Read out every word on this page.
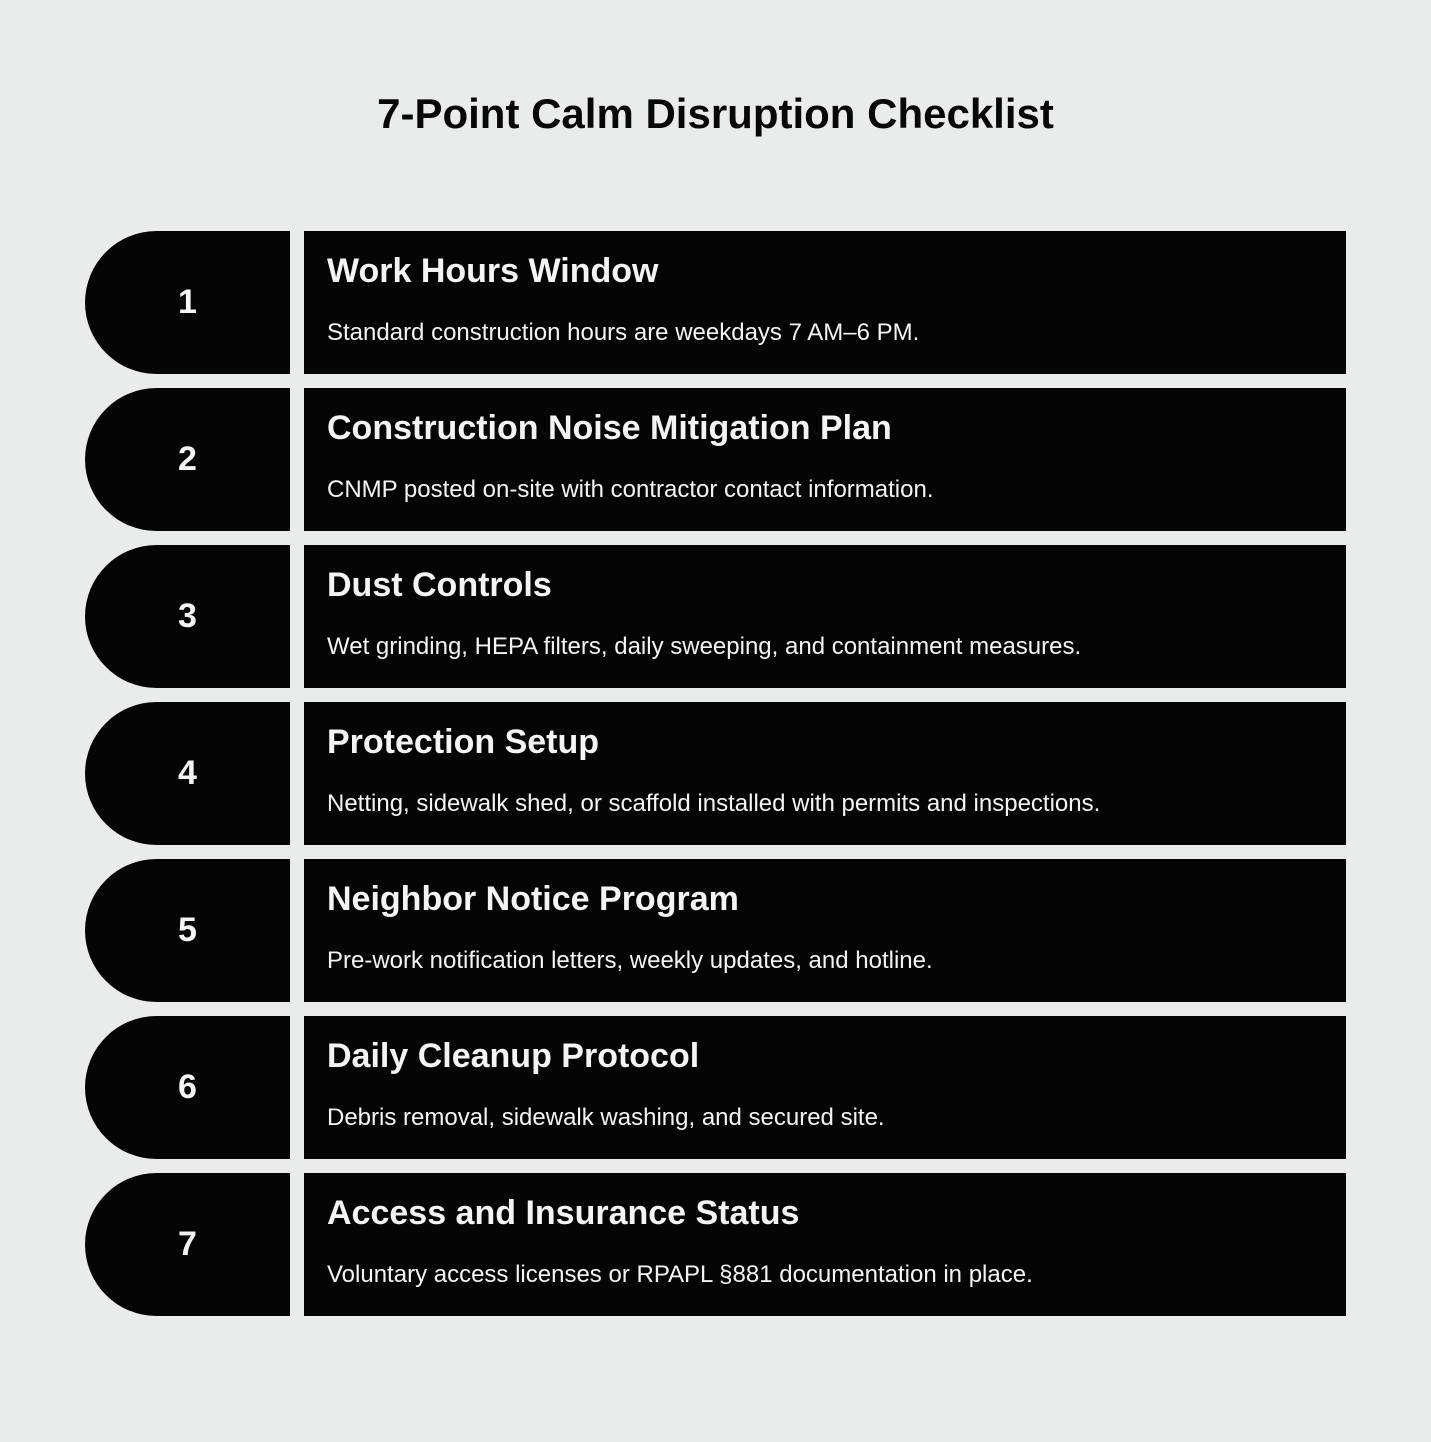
7-Point Calm Disruption Checklist
1
Work Hours Window
Standard construction hours are weekdays 7 AM–6 PM.
2
Construction Noise Mitigation Plan
CNMP posted on-site with contractor contact information.
3
Dust Controls
Wet grinding, HEPA filters, daily sweeping, and containment measures.
4
Protection Setup
Netting, sidewalk shed, or scaffold installed with permits and inspections.
5
Neighbor Notice Program
Pre-work notification letters, weekly updates, and hotline.
6
Daily Cleanup Protocol
Debris removal, sidewalk washing, and secured site.
7
Access and Insurance Status
Voluntary access licenses or RPAPL §881 documentation in place.
